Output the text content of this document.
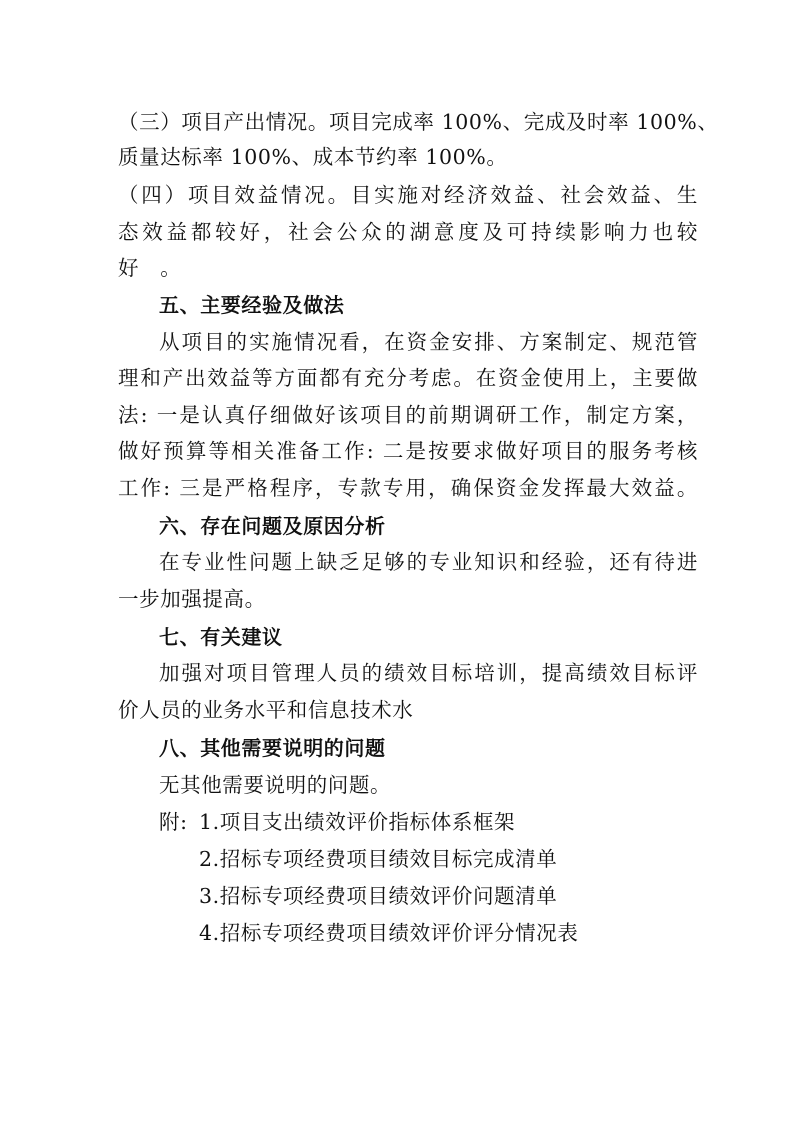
（三）项目产出情况。项目完成率 100%、完成及时率 100%、
质量达标率 100%、成本节约率 100%。
（四）项目效益情况。目实施对经济效益、社会效益、生
态效益都较好，社会公众的湖意度及可持续影响力也较
好　。
五、主要经验及做法
从项目的实施情况看，在资金安排、方案制定、规范管
理和产出效益等方面都有充分考虑。在资金使用上，主要做
法: 一是认真仔细做好该项目的前期调研工作，制定方案，
做好预算等相关准备工作: 二是按要求做好项目的服务考核
工作: 三是严格程序，专款专用，确保资金发挥最大效益。
六、存在问题及原因分析
在专业性问题上缺乏足够的专业知识和经验，还有待进
一步加强提高。
七、有关建议
加强对项目管理人员的绩效目标培训，提高绩效目标评
价人员的业务水平和信息技术水
八、其他需要说明的问题
无其他需要说明的问题。
附: 1.项目支出绩效评价指标体系框架
2.招标专项经费项目绩效目标完成清单
3.招标专项经费项目绩效评价问题清单
4.招标专项经费项目绩效评价评分情况表
